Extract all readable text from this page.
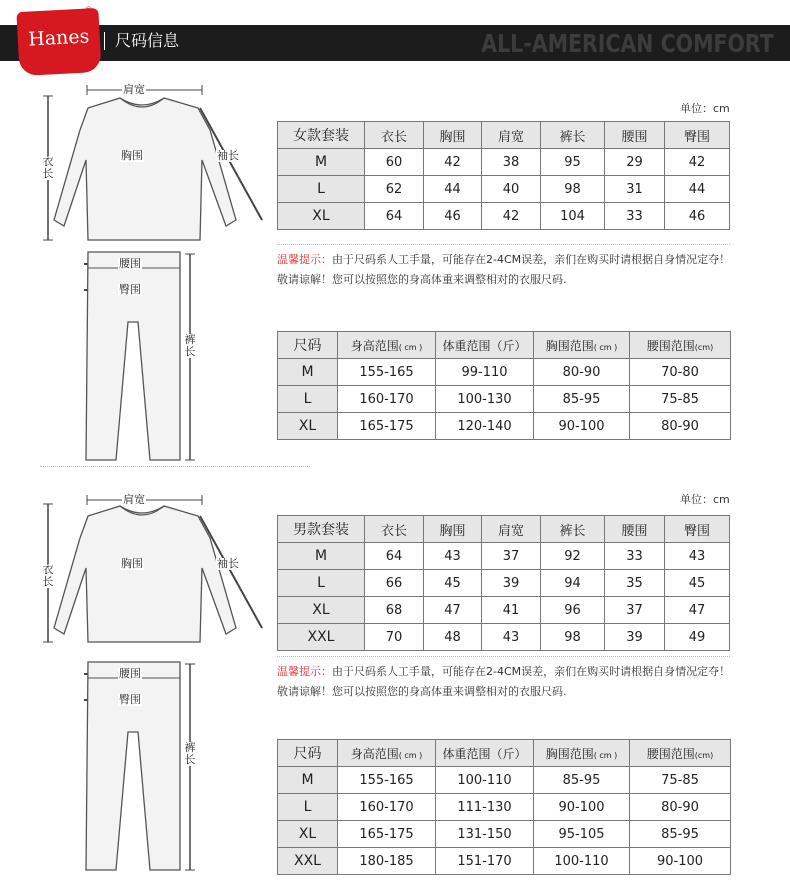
尺码信息	ALL-AMERICAN COMFORT
Hanes
®
肩宽
胸围	袖长
衣长
腰围
臀围
裤长
单位：cm
女款套装	衣长	胸围	肩宽	裤长	腰围	臀围
M	60	42	38	95	29	42
L	62	44	40	98	31	44
XL	64	46	42	104	33	46
温馨提示：由于尺码系人工手量，可能存在2-4CM误差，亲们在购买时请根据自身情况定夺！敬请谅解！您可以按照您的身高体重来调整相对的衣服尺码.
尺码	身高范围( cm )	体重范围（斤）	胸围范围( cm )	腰围范围(cm)
M	155-165	99-110	80-90	70-80
L	160-170	100-130	85-95	75-85
XL	165-175	120-140	90-100	80-90
肩宽
胸围	袖长
衣长
腰围
臀围
裤长
单位：cm
男款套装	衣长	胸围	肩宽	裤长	腰围	臀围
M	64	43	37	92	33	43
L	66	45	39	94	35	45
XL	68	47	41	96	37	47
XXL	70	48	43	98	39	49
温馨提示：由于尺码系人工手量，可能存在2-4CM误差，亲们在购买时请根据自身情况定夺！敬请谅解！您可以按照您的身高体重来调整相对的衣服尺码.
尺码	身高范围( cm )	体重范围（斤）	胸围范围( cm )	腰围范围(cm)
M	155-165	100-110	85-95	75-85
L	160-170	111-130	90-100	80-90
XL	165-175	131-150	95-105	85-95
XXL	180-185	151-170	100-110	90-100
